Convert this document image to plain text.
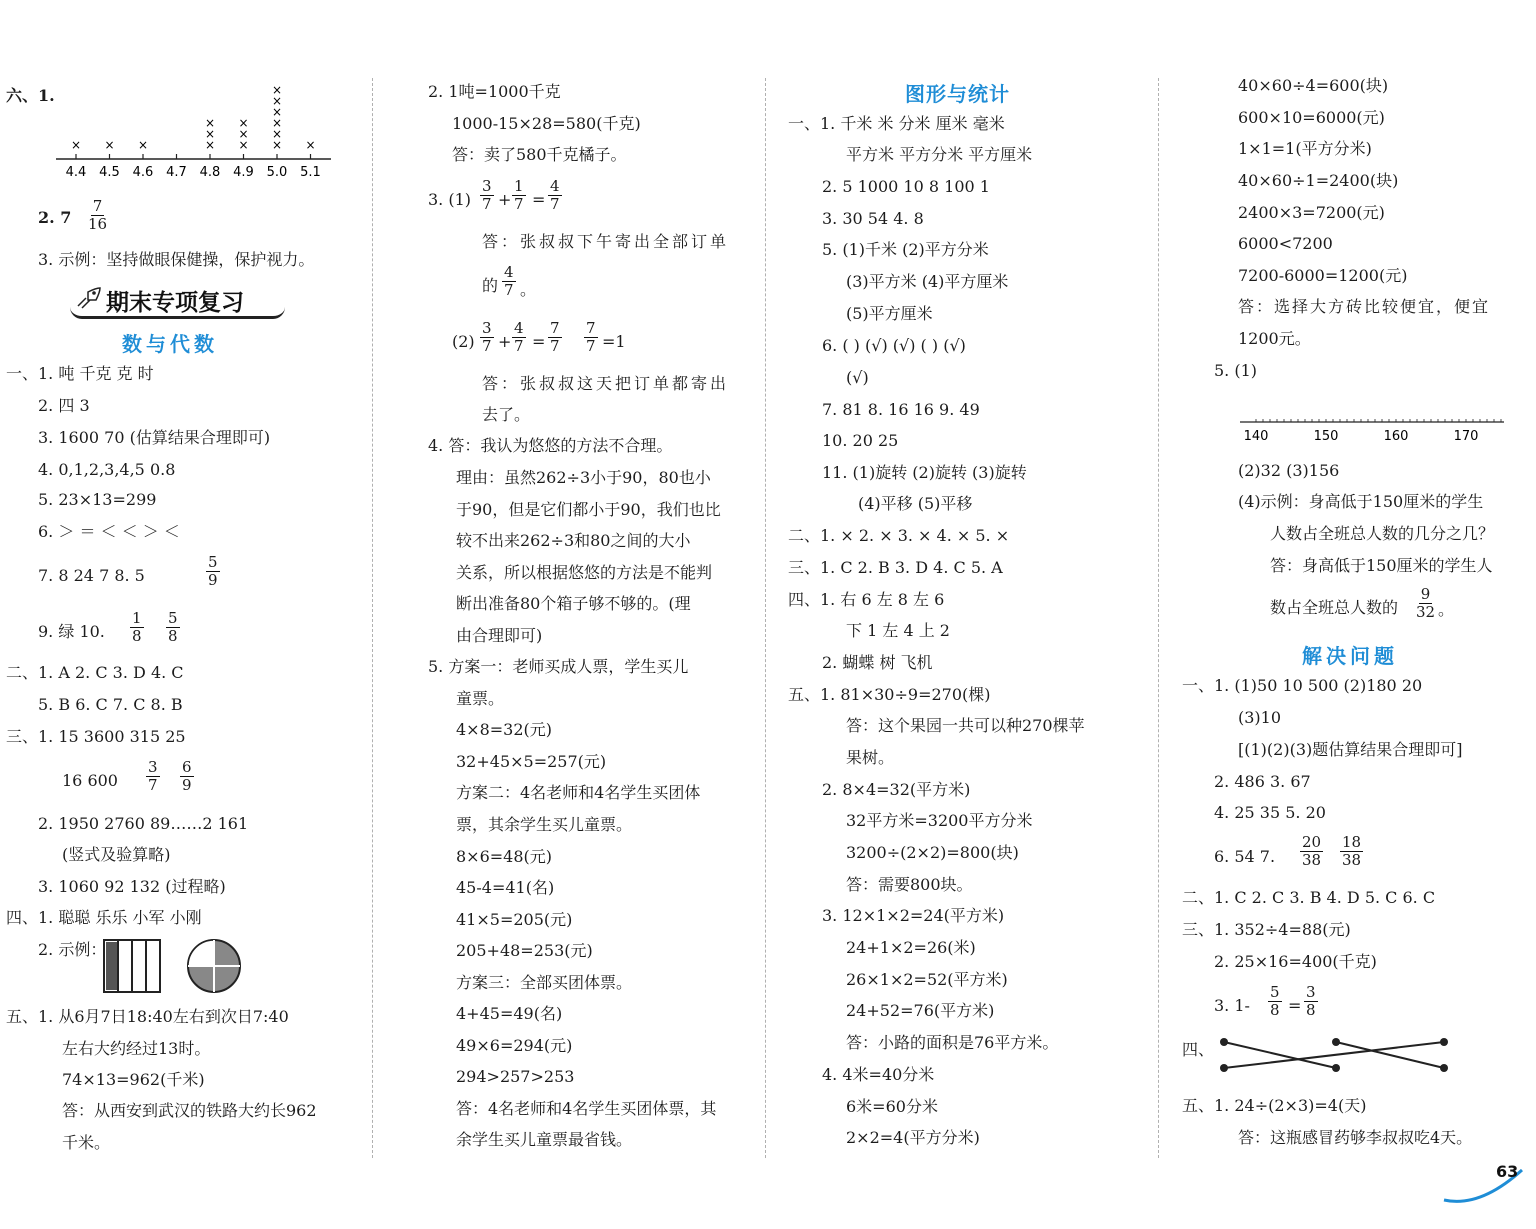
六、1.
4.4
×
4.5
×
4.6
×
4.7 4.8
×
×
×
4.9
×
×
×
5.0
×
×
×
×
×
×
5.1
×
2. $7 \frac{7}{16}$
3. 示例：坚持做眼保健操，保护视力。
期末专项复习
数与代数
一、1. 吨 千克 克 时
2. 四 3
3. 1600 70 (估算结果合理即可)
4. 0,1,2,3,4,5 0.8
5. 23×13=299
6. ＞ ＝ ＜ ＜ ＞ ＜
7. 8 24 7 8. 5	$\frac{5}{9}$
9. 绿 10. $\frac{1}{8} \frac{5}{8}$
二、1. A 2. C 3. D 4. C
5. B 6. C 7. C 8. B
三、1. 15 3600 315 25
16 $600 \frac{3}{7} \frac{6}{9}$
2. 1950 2760 89……2 161
(竖式及验算略)
3. 1060 92 132 (过程略)
四、1. 聪聪 乐乐 小军 小刚
2. 示例：
五、1. 从6月7日18:40左右到次日7:40
左右大约经过13时。
74×13=962(千米)
答：从西安到武汉的铁路大约长962
千米。
2. 1吨=1000千克
1000-15×28=580(千克)
答：卖了580千克橘子。
3. $(1) \frac{3}{7} + \frac{1}{7} = \frac{4}{7}$
答：张叔叔下午寄出全部订单
的 $\frac{4}{7}$ 。
$(2) \frac{3}{7} + \frac{4}{7} = \frac{7}{7} \frac{7}{7} =1$
答：张叔叔这天把订单都寄出
去了。
4. 答：我认为悠悠的方法不合理。
理由：虽然262÷3小于90，80也小
于90，但是它们都小于90，我们也比
较不出来262÷3和80之间的大小
关系，所以根据悠悠的方法是不能判
断出准备80个箱子够不够的。(理
由合理即可)
5. 方案一：老师买成人票，学生买儿
童票。
4×8=32(元)
32+45×5=257(元)
方案二：4名老师和4名学生买团体
票，其余学生买儿童票。
8×6=48(元)
45-4=41(名)
41×5=205(元)
205+48=253(元)
方案三：全部买团体票。
4+45=49(名)
49×6=294(元)
294>257>253
答：4名老师和4名学生买团体票，其
余学生买儿童票最省钱。
图形与统计
一、1. 千米 米 分米 厘米 毫米
平方米 平方分米 平方厘米
2. 5 1000 10 8 100 1
3. 30 54 4. 8
5. (1)千米 (2)平方分米
(3)平方米 (4)平方厘米
(5)平方厘米
6. ( ) (√) (√) ( ) (√)
(√)
7. 81 8. 16 16 9. 49
10. 20 25
11. (1)旋转 (2)旋转 (3)旋转
(4)平移 (5)平移
二、1. × 2. × 3. × 4. × 5. ×
三、1. C 2. B 3. D 4. C 5. A
四、1. 右 6 左 8 左 6
下 1 左 4 上 2
2. 蝴蝶 树 飞机
五、1. 81×30÷9=270(棵)
答：这个果园一共可以种270棵苹
果树。
2. 8×4=32(平方米)
32平方米=3200平方分米
3200÷(2×2)=800(块)
答：需要800块。
3. 12×1×2=24(平方米)
24+1×2=26(米)
26×1×2=52(平方米)
24+52=76(平方米)
答：小路的面积是76平方米。
4. 4米=40分米
6米=60分米
2×2=4(平方分米)
40×60÷4=600(块)
600×10=6000(元)
1×1=1(平方分米)
40×60÷1=2400(块)
2400×3=7200(元)
6000<7200
7200-6000=1200(元)
答：选择大方砖比较便宜，便宜
1200元。
5. (1)
140	150	160	170
(2)32 (3)156
(4)示例：身高低于150厘米的学生
人数占全班总人数的几分之几？
答：身高低于150厘米的学生人
数占全班总人数的 $\frac{9}{32}$ 。
解决问题
一、1. (1)50 10 500 (2)180 20
(3)10
[(1)(2)(3)题估算结果合理即可]
2. 486 3. 67
4. 25 35 5. 20
6. 54 7. $\frac{20}{38} \frac{18}{38}$
二、1. C 2. C 3. B 4. D 5. C 6. C
三、1. 352÷4=88(元)
2. 25×16=400(千克)
3. $1- \frac{5}{8} = \frac{3}{8}$
四、
五、1. 24÷(2×3)=4(天)
答：这瓶感冒药够李叔叔吃4天。
63
